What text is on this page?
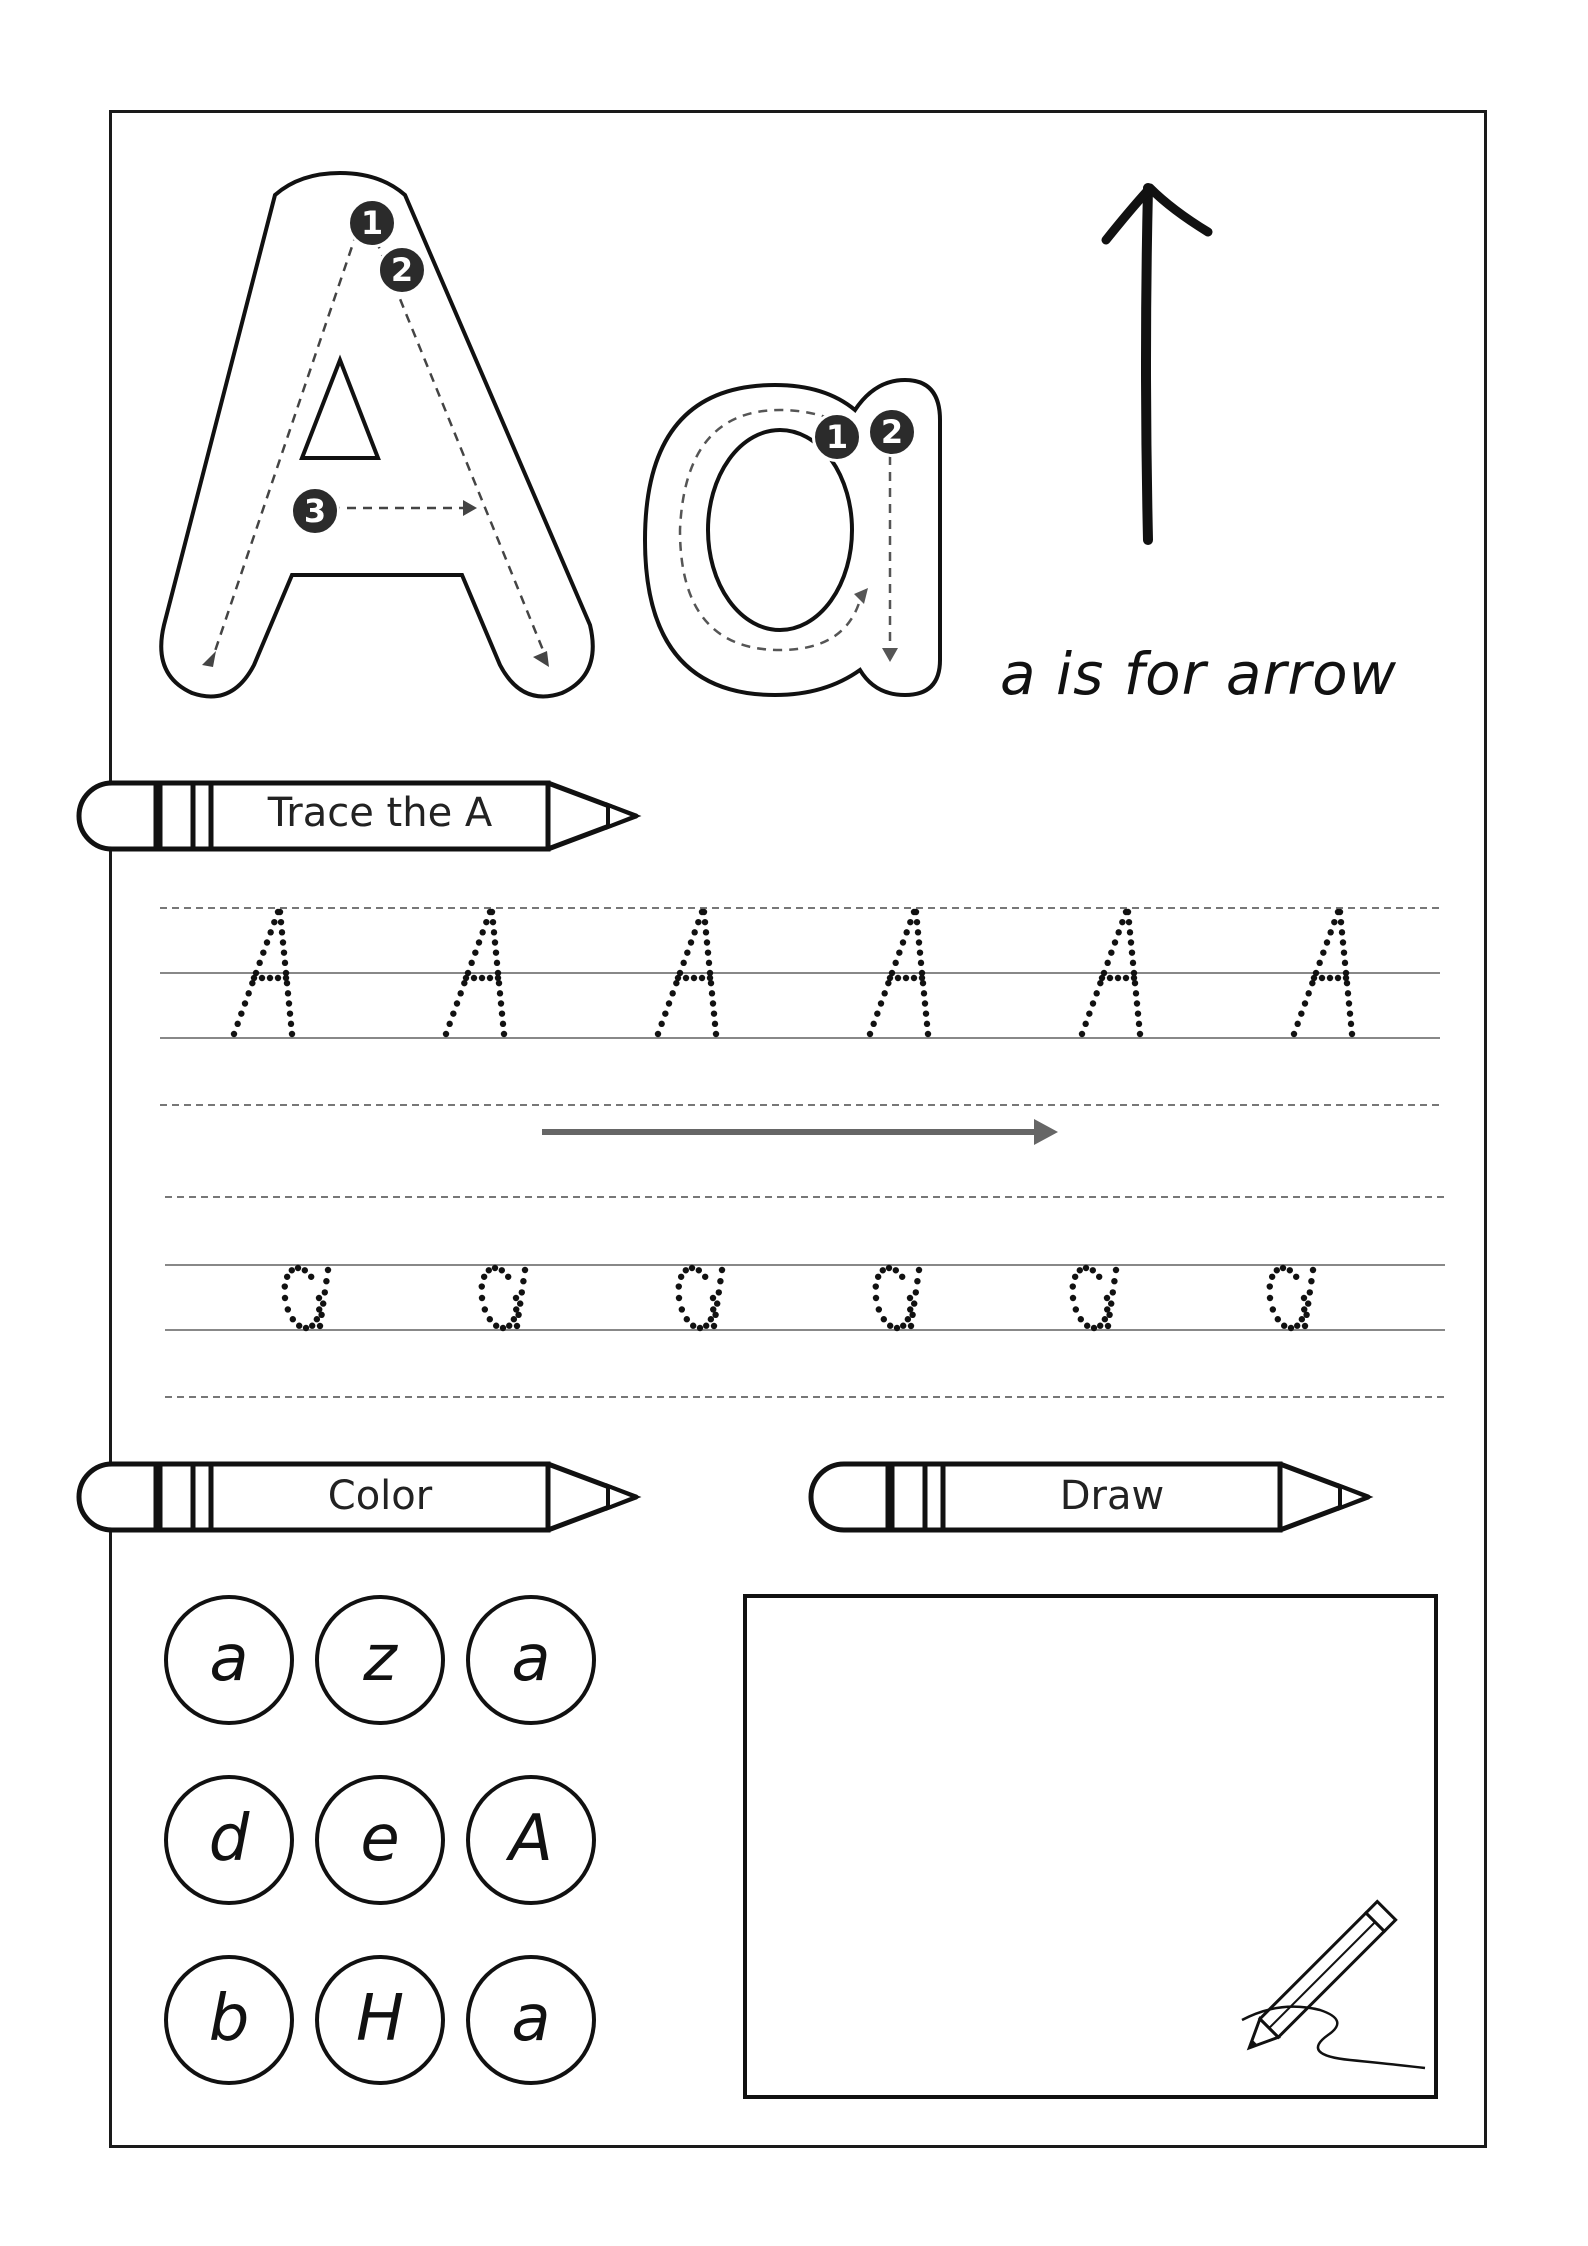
1
2
3
1	2
a is for arrow
Trace the A
Color	Draw
a	z	a
d	e	A
b	H	a
